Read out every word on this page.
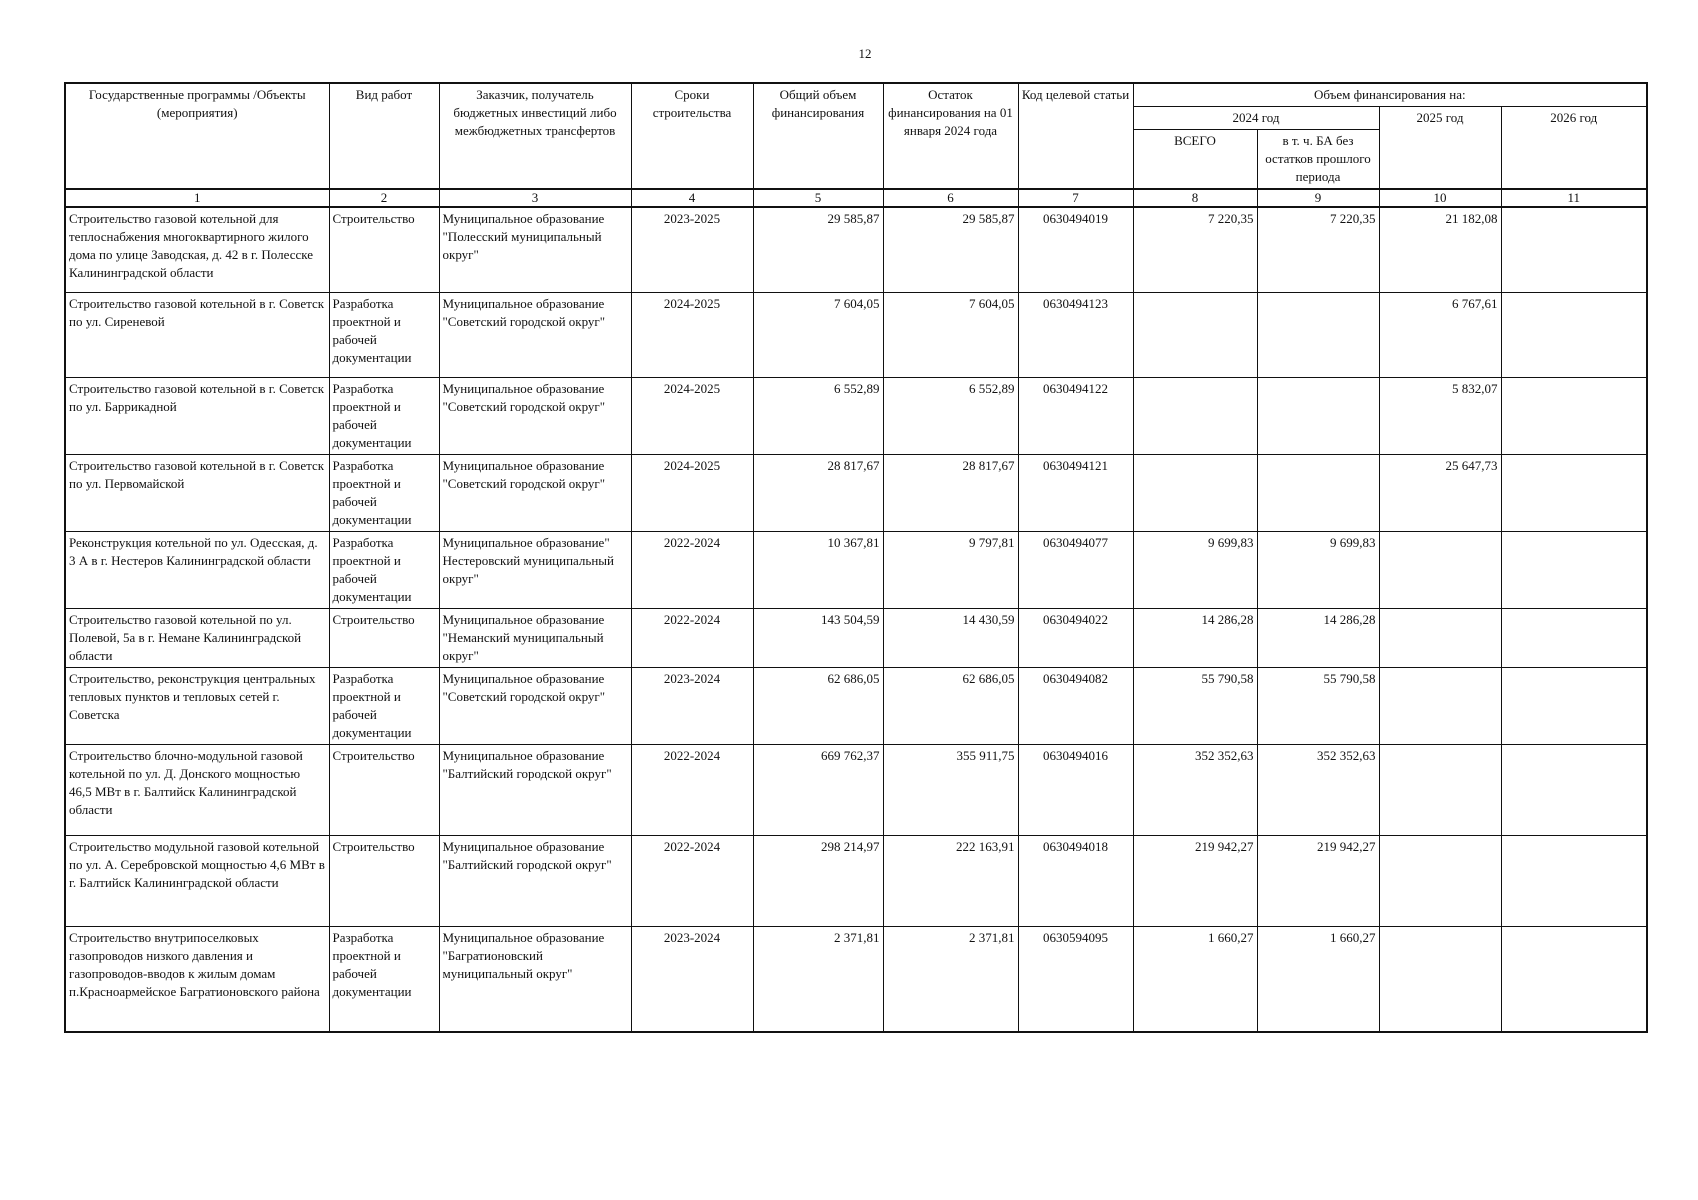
12
Государственные программы /Объекты (мероприятия)	Вид работ	Заказчик, получатель бюджетных инвестиций либо межбюджетных трансфертов	Сроки строительства	Общий объем финансирования	Остаток финансирования на 01 января 2024 года	Код целевой статьи	Объем финансирования на:			
							2024 год		2025 год	2026 год
							ВСЕГО	в т. ч. БА без остатков прошлого периода		
1	2	3	4	5	6	7	8	9	10	11
Строительство газовой котельной для теплоснабжения многоквартирного жилого дома по улице Заводская, д. 42 в г. Полесске Калининградской области	Строительство	Муниципальное образование "Полесский муниципальный округ"	2023-2025	29 585,87	29 585,87	0630494019	7 220,35	7 220,35	21 182,08	
Строительство газовой котельной в г. Советск по ул. Сиреневой	Разработка проектной и рабочей документации	Муниципальное образование "Советский городской округ"	2024-2025	7 604,05	7 604,05	0630494123			6 767,61	
Строительство газовой котельной в г. Советск по ул. Баррикадной	Разработка проектной и рабочей документации	Муниципальное образование "Советский городской округ"	2024-2025	6 552,89	6 552,89	0630494122			5 832,07	
Строительство газовой котельной в г. Советск по ул. Первомайской	Разработка проектной и рабочей документации	Муниципальное образование "Советский городской округ"	2024-2025	28 817,67	28 817,67	0630494121			25 647,73	
Реконструкция котельной по ул. Одесская, д. 3 А в г. Нестеров Калининградской области	Разработка проектной и рабочей документации	Муниципальное образование" Нестеровский муниципальный округ"	2022-2024	10 367,81	9 797,81	0630494077	9 699,83	9 699,83		
Строительство газовой котельной по ул. Полевой, 5а в г. Немане Калининградской области	Строительство	Муниципальное образование "Неманский муниципальный округ"	2022-2024	143 504,59	14 430,59	0630494022	14 286,28	14 286,28		
Строительство, реконструкция центральных тепловых пунктов и тепловых сетей г. Советска	Разработка проектной и рабочей документации	Муниципальное образование "Советский городской округ"	2023-2024	62 686,05	62 686,05	0630494082	55 790,58	55 790,58		
Строительство блочно-модульной газовой котельной по ул. Д. Донского мощностью 46,5 МВт в г. Балтийск Калининградской области	Строительство	Муниципальное образование "Балтийский городской округ"	2022-2024	669 762,37	355 911,75	0630494016	352 352,63	352 352,63		
Строительство модульной газовой котельной по ул. А. Серебровской мощностью 4,6 МВт в г. Балтийск Калининградской области	Строительство	Муниципальное образование "Балтийский городской округ"	2022-2024	298 214,97	222 163,91	0630494018	219 942,27	219 942,27		
Строительство внутрипоселковых газопроводов низкого давления и газопроводов-вводов к жилым домам п.Красноармейское Багратионовского района	Разработка проектной и рабочей документации	Муниципальное образование "Багратионовский муниципальный округ"	2023-2024	2 371,81	2 371,81	0630594095	1 660,27	1 660,27		
